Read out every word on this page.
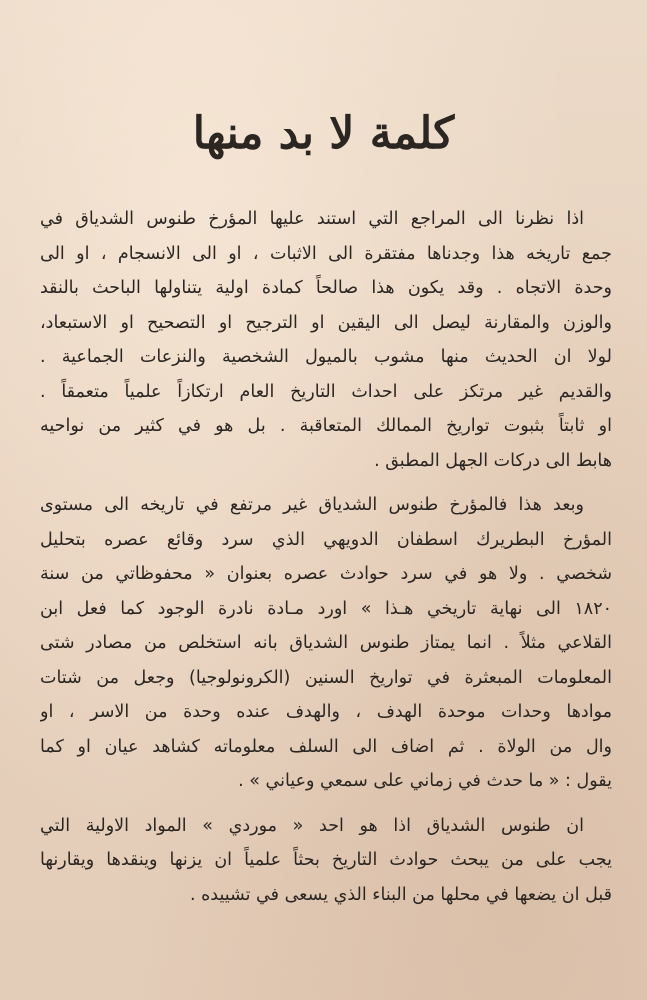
كلمة لا بد منها
اذا نظرنا الى المراجع التي استند عليها المؤرخ طنوس الشدياق في
جمع تاريخه هذا وجدناها مفتقرة الى الاثبات ، او الى الانسجام ، او الى
وحدة الاتجاه . وقد يكون هذا صالحاً كمادة اولية يتناولها الباحث بالنقد
والوزن والمقارنة ليصل الى اليقين او الترجيح او التصحيح او الاستبعاد،
لولا ان الحديث منها مشوب بالميول الشخصية والنزعات الجماعية .
والقديم غير مرتكز على احداث التاريخ العام ارتكازاً علمياً متعمقاً .
او ثابتاً بثبوت تواريخ الممالك المتعاقبة . بل هو في كثير من نواحيه
هابط الى دركات الجهل المطبق .
وبعد هذا فالمؤرخ طنوس الشدياق غير مرتفع في تاريخه الى مستوى
المؤرخ البطريرك اسطفان الدويهي الذي سرد وقائع عصره بتحليل
شخصي . ولا هو في سرد حوادث عصره بعنوان « محفوظاتي من سنة
١٨٢٠ الى نهاية تاريخي هـذا » اورد مـادة نادرة الوجود كما فعل ابن
القلاعي مثلاً . انما يمتاز طنوس الشدياق بانه استخلص من مصادر شتى
المعلومات المبعثرة في تواريخ السنين (الكرونولوجيا) وجعل من شتات
موادها وحدات موحدة الهدف ، والهدف عنده وحدة من الاسر ، او
وال من الولاة . ثم اضاف الى السلف معلوماته كشاهد عيان او كما
يقول : « ما حدث في زماني على سمعي وعياني » .
ان طنوس الشدياق اذا هو احد « موردي » المواد الاولية التي
يجب على من يبحث حوادث التاريخ بحثاً علمياً ان يزنها وينقدها ويقارنها
قبل ان يضعها في محلها من البناء الذي يسعى في تشييده .
